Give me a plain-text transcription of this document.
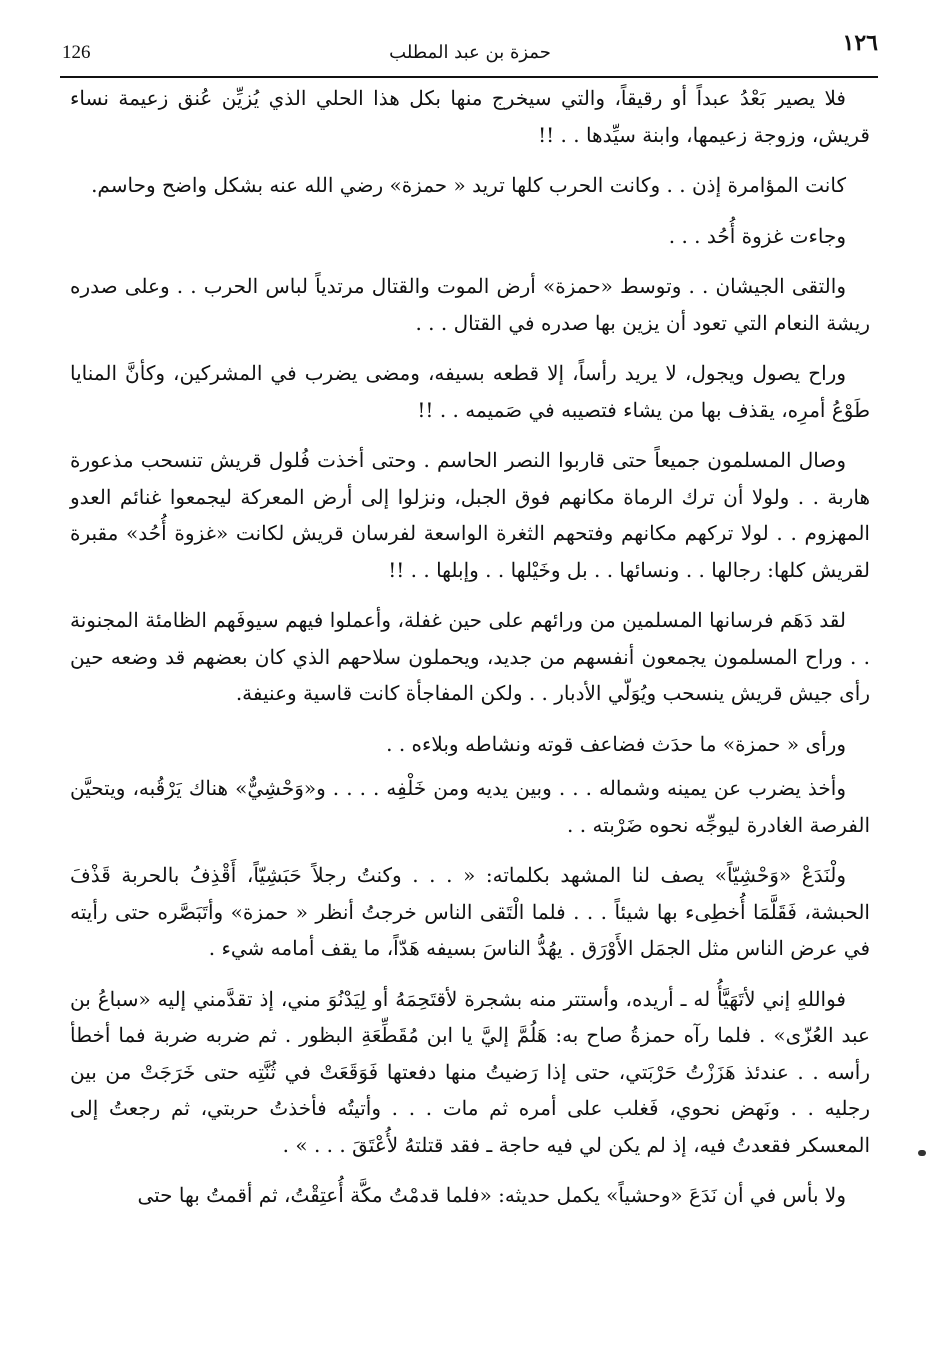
126	حمزة بن عبد المطلب	١٢٦

فلا يصير بَعْدُ عبداً أو رقيقاً، والتي سيخرج منها بكل هذا الحلي الذي يُزيِّن عُنق زعيمة نساء قريش، وزوجة زعيمها، وابنة سيِّدها . . !!

كانت المؤامرة إذن . . وكانت الحرب كلها تريد « حمزة» رضي الله عنه بشكل واضح وحاسم.

وجاءت غزوة أُحُد . . .

والتقى الجيشان . . وتوسط «حمزة» أرض الموت والقتال مرتدياً لباس الحرب . . وعلى صدره ريشة النعام التي تعود أن يزين بها صدره في القتال . . .

وراح يصول ويجول، لا يريد رأساً، إلا قطعه بسيفه، ومضى يضرب في المشركين، وكأنَّ المنايا طَوْعُ أمرِه، يقذف بها من يشاء فتصيبه في صَميمه . . !!

وصال المسلمون جميعاً حتى قاربوا النصر الحاسم . وحتى أخذت فُلول قريش تنسحب مذعورة هاربة . . ولولا أن ترك الرماة مكانهم فوق الجبل، ونزلوا إلى أرض المعركة ليجمعوا غنائم العدو المهزوم . . لولا تركهم مكانهم وفتحهم الثغرة الواسعة لفرسان قريش لكانت «غزوة أُحُد» مقبرة لقريش كلها: رجالها . . ونسائها . . بل وخَيْلها . . وإبلها . . !!

لقد دَهَم فرسانها المسلمين من ورائهم على حين غفلة، وأعملوا فيهم سيوفَهم الظامئة المجنونة . . وراح المسلمون يجمعون أنفسهم من جديد، ويحملون سلاحهم الذي كان بعضهم قد وضعه حين رأى جيش قريش ينسحب ويُوَلّي الأدبار . . ولكن المفاجأة كانت قاسية وعنيفة.

ورأى « حمزة» ما حدَث فضاعف قوته ونشاطه وبلاءه . .

وأخذ يضرب عن يمينه وشماله . . . وبين يديه ومن خَلْفِه . . . . و«وَحْشِيٌّ» هناك يَرْقُبه، ويتحيَّن الفرصة الغادرة ليوجِّه نحوه ضَرْبته . .

ولْنَدَعْ «وَحْشِيّاً» يصف لنا المشهد بكلماته: « . . . وكنتُ رجلاً حَبَشِيّاً، أَقْذِفُ بالحربة قَذْفَ الحبشة، فَقَلَّمَا أُخطِىء بها شيئاً . . . فلما الْتَقى الناس خرجتُ أنظر « حمزة» وأتَبَصَّره حتى رأيته في عرض الناس مثل الجمَل الأَوْرَق . يهُدُّ الناسَ بسيفه هَدّاً، ما يقف أمامه شيء .

فواللهِ إني لأتَهَيَّأُ له ـ أريده، وأستتر منه بشجرة لأقتَحِمَهُ أو لِيَدْنُوَ مني، إذ تقدَّمني إليه «سباعُ بن عبد العُزّى» . فلما رآه حمزةُ صاح به: هَلُمَّ إليَّ يا ابن مُقَطِّعَةِ البظور . ثم ضربه ضربة فما أخطأ رأسه . . عندئذ هَزَزْتُ حَرْبَتي، حتى إذا رَضيتُ منها دفعتها فَوَقَعَتْ في ثُنَّتِه حتى خَرَجَتْ من بين رجليه . . ونَهض نحوي، فَغلب على أمره ثم مات . . . وأتيتُه فأخذتُ حربتي، ثم رجعتُ إلى المعسكر فقعدتُ فيه، إذ لم يكن لي فيه حاجة ـ فقد قتلتهُ لأُعْتَقَ . . . » .

ولا بأس في أن نَدَعَ «وحشياً» يكمل حديثه: «فلما قدمْتُ مكَّة أُعتِقْتُ، ثم أقمتُ بها حتى
